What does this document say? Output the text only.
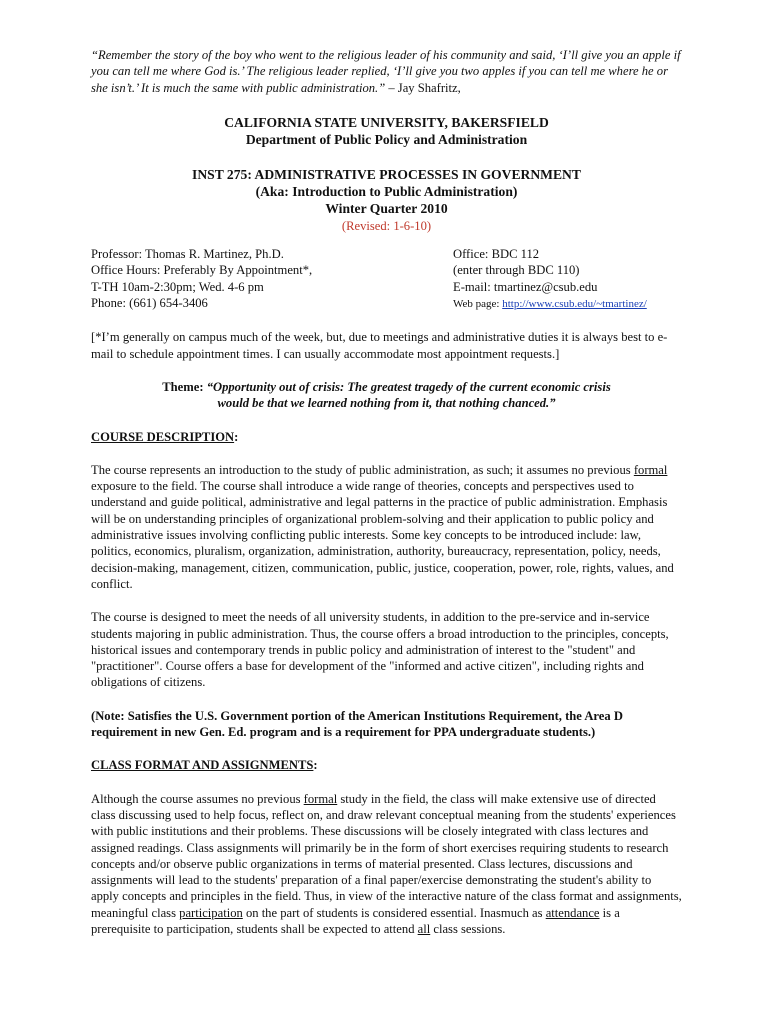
“Remember the story of the boy who went to the religious leader of his community and said, ‘I’ll give you an apple if you can tell me where God is.’ The religious leader replied, ‘I’ll give you two apples if you can tell me where he or she isn’t.’ It is much the same with public administration.” – Jay Shafritz,

CALIFORNIA STATE UNIVERSITY, BAKERSFIELD

Department of Public Policy and Administration

INST 275: ADMINISTRATIVE PROCESSES IN GOVERNMENT

(Aka: Introduction to Public Administration)

Winter Quarter 2010

(Revised: 1-6-10)

Professor: Thomas R. Martinez, Ph.D.

Office Hours: Preferably By Appointment*,

T-TH 10am-2:30pm; Wed. 4-6 pm

Phone: (661) 654-3406

Office: BDC 112

(enter through BDC 110)

E-mail: tmartinez@csub.edu

Web page: http://www.csub.edu/~tmartinez/

[*I’m generally on campus much of the week, but, due to meetings and administrative duties it is always best to e-mail to schedule appointment times. I can usually accommodate most appointment requests.]

Theme: “Opportunity out of crisis: The greatest tragedy of the current economic crisis

would be that we learned nothing from it, that nothing chanced.”

COURSE DESCRIPTION:

The course represents an introduction to the study of public administration, as such; it assumes no previous formal exposure to the field. The course shall introduce a wide range of theories, concepts and perspectives used to understand and guide political, administrative and legal patterns in the practice of public administration. Emphasis will be on understanding principles of organizational problem-solving and their application to public policy and administrative issues involving conflicting public interests. Some key concepts to be introduced include: law, politics, economics, pluralism, organization, administration, authority, bureaucracy, representation, policy, needs, decision-making, management, citizen, communication, public, justice, cooperation, power, role, rights, values, and conflict.

The course is designed to meet the needs of all university students, in addition to the pre-service and in-service students majoring in public administration. Thus, the course offers a broad introduction to the principles, concepts, historical issues and contemporary trends in public policy and administration of interest to the "student" and "practitioner". Course offers a base for development of the "informed and active citizen", including rights and obligations of citizens.

(Note: Satisfies the U.S. Government portion of the American Institutions Requirement, the Area D requirement in new Gen. Ed. program and is a requirement for PPA undergraduate students.)

CLASS FORMAT AND ASSIGNMENTS:

Although the course assumes no previous formal study in the field, the class will make extensive use of directed class discussing used to help focus, reflect on, and draw relevant conceptual meaning from the students' experiences with public institutions and their problems. These discussions will be closely integrated with class lectures and assigned readings. Class assignments will primarily be in the form of short exercises requiring students to research concepts and/or observe public organizations in terms of material presented. Class lectures, discussions and assignments will lead to the students' preparation of a final paper/exercise demonstrating the student's ability to apply concepts and principles in the field. Thus, in view of the interactive nature of the class format and assignments, meaningful class participation on the part of students is considered essential. Inasmuch as attendance is a prerequisite to participation, students shall be expected to attend all class sessions.
